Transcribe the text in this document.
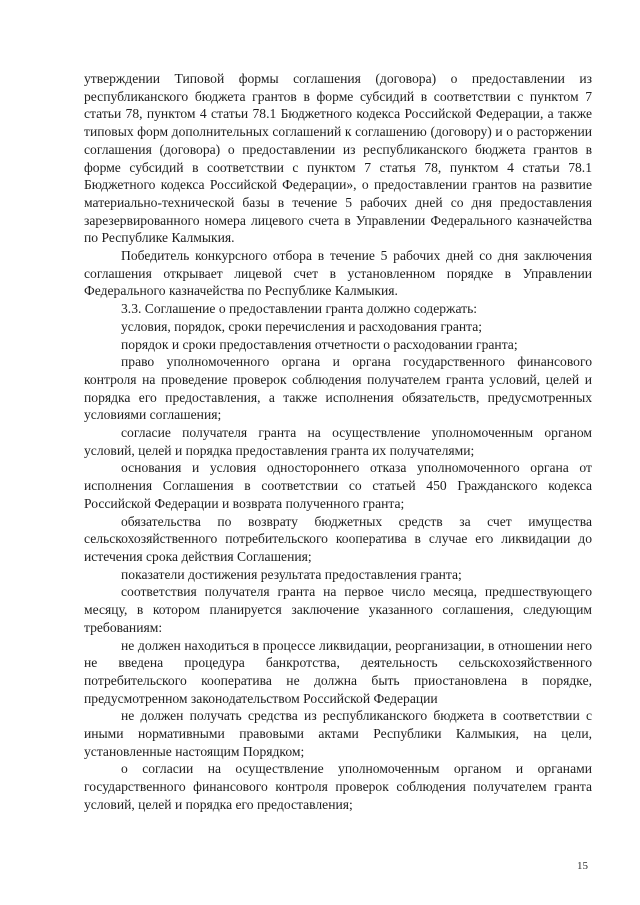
утверждении Типовой формы соглашения (договора) о предоставлении из республиканского бюджета грантов в форме субсидий в соответствии с пунктом 7 статьи 78, пунктом 4 статьи 78.1 Бюджетного кодекса Российской Федерации, а также типовых форм дополнительных соглашений к соглашению (договору) и о расторжении соглашения (договора) о предоставлении из республиканского бюджета грантов в форме субсидий в соответствии с пунктом 7 статья 78, пунктом 4 статьи 78.1 Бюджетного кодекса Российской Федерации», о предоставлении грантов на развитие материально-технической базы в течение 5 рабочих дней со дня предоставления зарезервированного номера лицевого счета в Управлении Федерального казначейства по Республике Калмыкия.

Победитель конкурсного отбора в течение 5 рабочих дней со дня заключения соглашения открывает лицевой счет в установленном порядке в Управлении Федерального казначейства по Республике Калмыкия.

3.3. Соглашение о предоставлении гранта должно содержать:

условия, порядок, сроки перечисления и расходования гранта;

порядок и сроки предоставления отчетности о расходовании гранта;

право уполномоченного органа и органа государственного финансового контроля на проведение проверок соблюдения получателем гранта условий, целей и порядка его предоставления, а также исполнения обязательств, предусмотренных условиями соглашения;

согласие получателя гранта на осуществление уполномоченным органом условий, целей и порядка предоставления гранта их получателями;

основания и условия одностороннего отказа уполномоченного органа от исполнения Соглашения в соответствии со статьей 450 Гражданского кодекса Российской Федерации и возврата полученного гранта;

обязательства по возврату бюджетных средств за счет имущества сельскохозяйственного потребительского кооператива в случае его ликвидации до истечения срока действия Соглашения;

показатели достижения результата предоставления гранта;

соответствия получателя гранта на первое число месяца, предшествующего месяцу, в котором планируется заключение указанного соглашения, следующим требованиям:

не должен находиться в процессе ликвидации, реорганизации, в отношении него не введена процедура банкротства, деятельность сельскохозяйственного потребительского кооператива не должна быть приостановлена в порядке, предусмотренном законодательством Российской Федерации

не должен получать средства из республиканского бюджета в соответствии с иными нормативными правовыми актами Республики Калмыкия, на цели, установленные настоящим Порядком;

о согласии на осуществление уполномоченным органом и органами государственного финансового контроля проверок соблюдения получателем гранта условий, целей и порядка его предоставления;

15
